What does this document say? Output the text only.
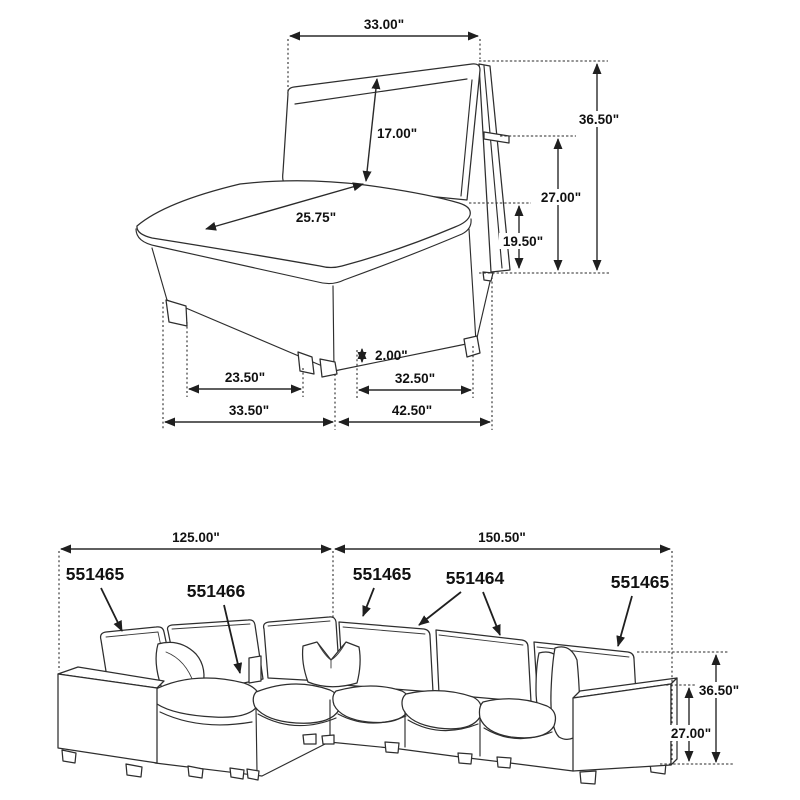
33.00"
17.00"
25.75"
36.50"
27.00"
19.50"
2.00"
23.50"	32.50"
33.50"	42.50"
125.00"	150.50"
36.50"
27.00"
551465
551466
551465 551464	551465
